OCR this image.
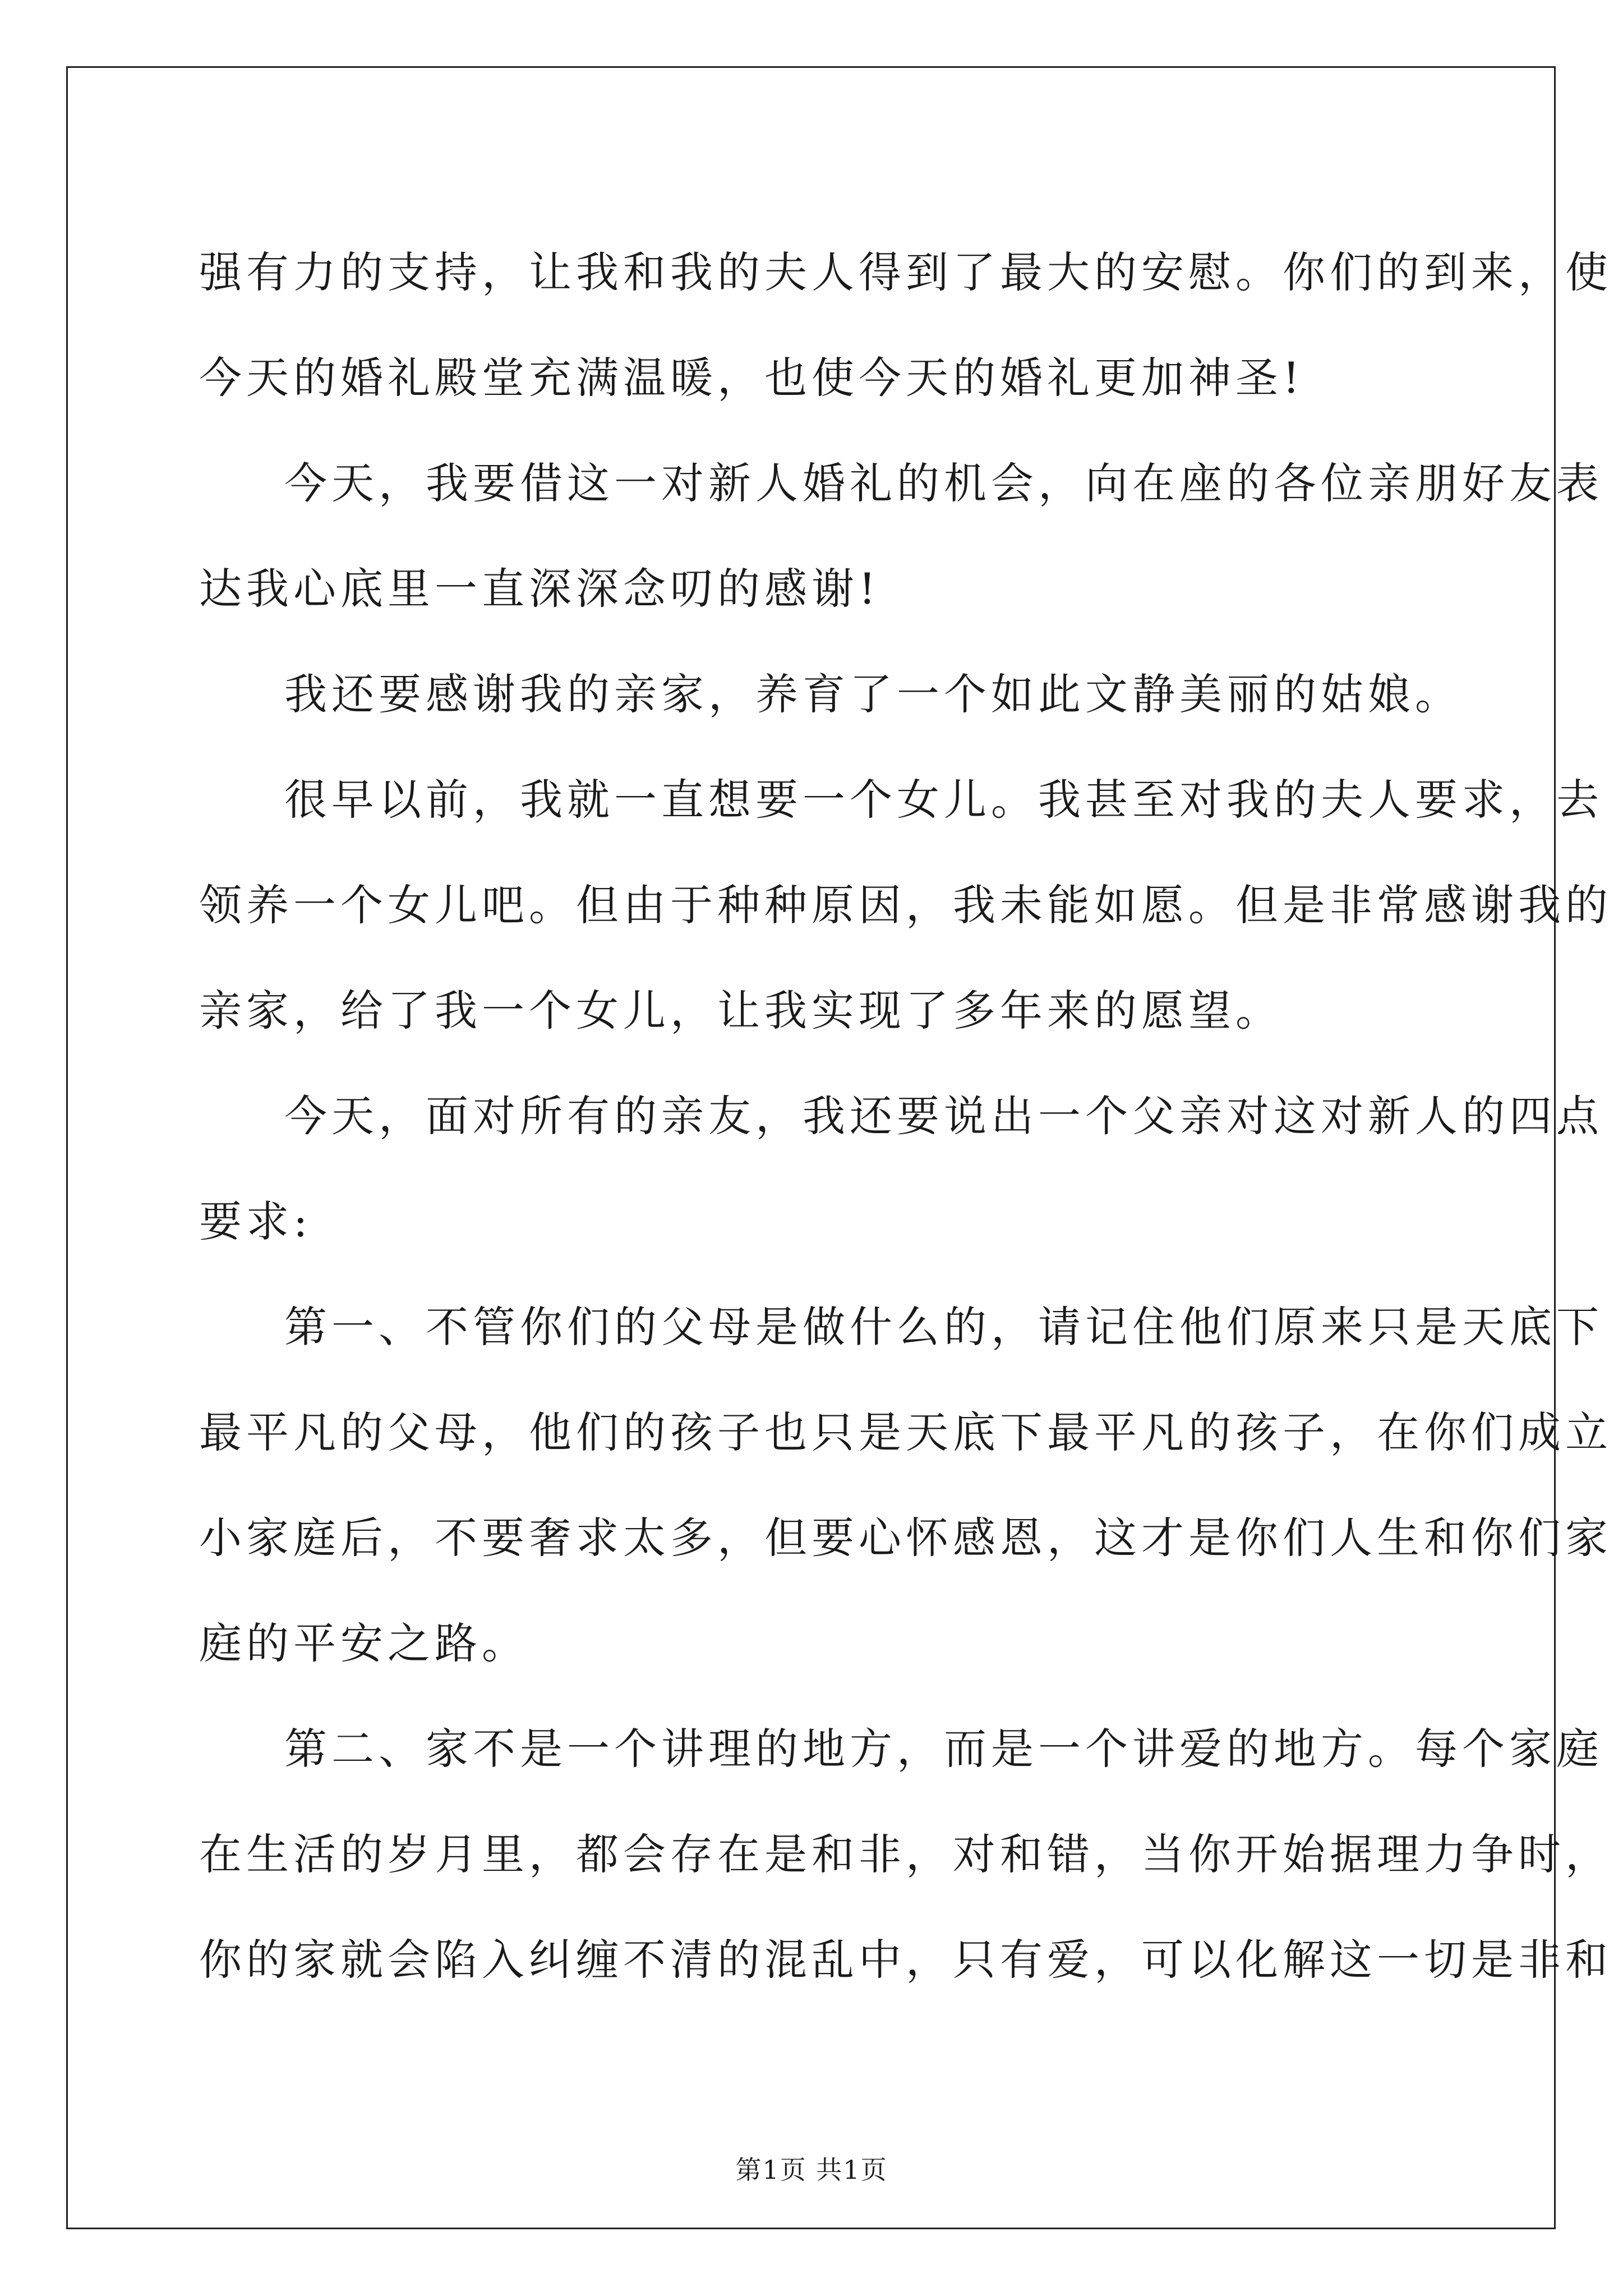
强有力的支持，让我和我的夫人得到了最大的安慰。你们的到来，使
今天的婚礼殿堂充满温暖，也使今天的婚礼更加神圣!
今天，我要借这一对新人婚礼的机会，向在座的各位亲朋好友表
达我心底里一直深深念叨的感谢!
我还要感谢我的亲家，养育了一个如此文静美丽的姑娘。
很早以前，我就一直想要一个女儿。我甚至对我的夫人要求，去
领养一个女儿吧。但由于种种原因，我未能如愿。但是非常感谢我的
亲家，给了我一个女儿，让我实现了多年来的愿望。
今天，面对所有的亲友，我还要说出一个父亲对这对新人的四点
要求:
第一、不管你们的父母是做什么的，请记住他们原来只是天底下
最平凡的父母，他们的孩子也只是天底下最平凡的孩子，在你们成立
小家庭后，不要奢求太多，但要心怀感恩，这才是你们人生和你们家
庭的平安之路。
第二、家不是一个讲理的地方，而是一个讲爱的地方。每个家庭
在生活的岁月里，都会存在是和非，对和错，当你开始据理力争时，
你的家就会陷入纠缠不清的混乱中，只有爱，可以化解这一切是非和
第1页 共1页
